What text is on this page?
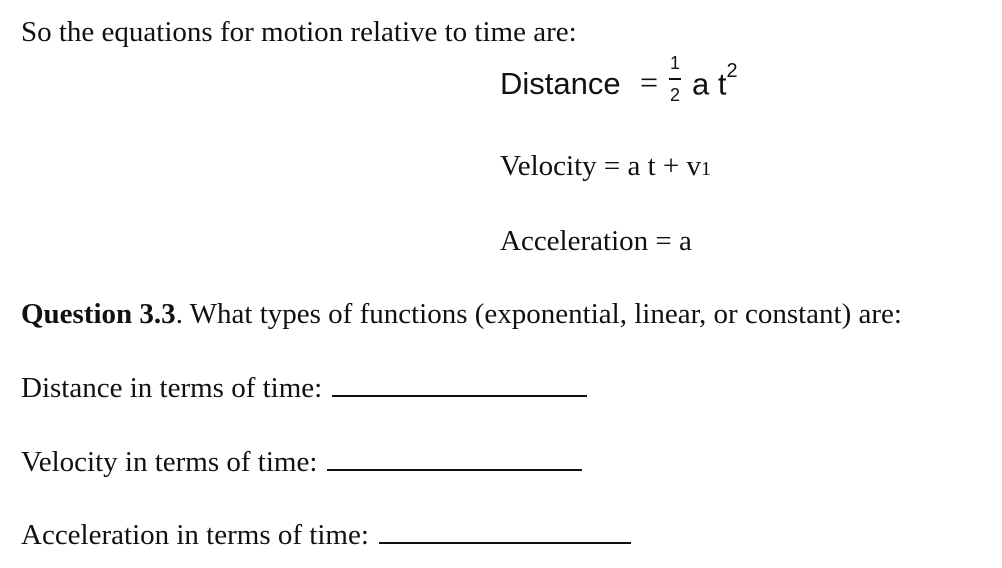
So the equations for motion relative to time are:
Distance =
1
2 a $t^2$
Velocity = a t + v1
Acceleration = a
Question 3.3. What types of functions (exponential, linear, or constant) are:
Distance in terms of time:
Velocity in terms of time:
Acceleration in terms of time:
